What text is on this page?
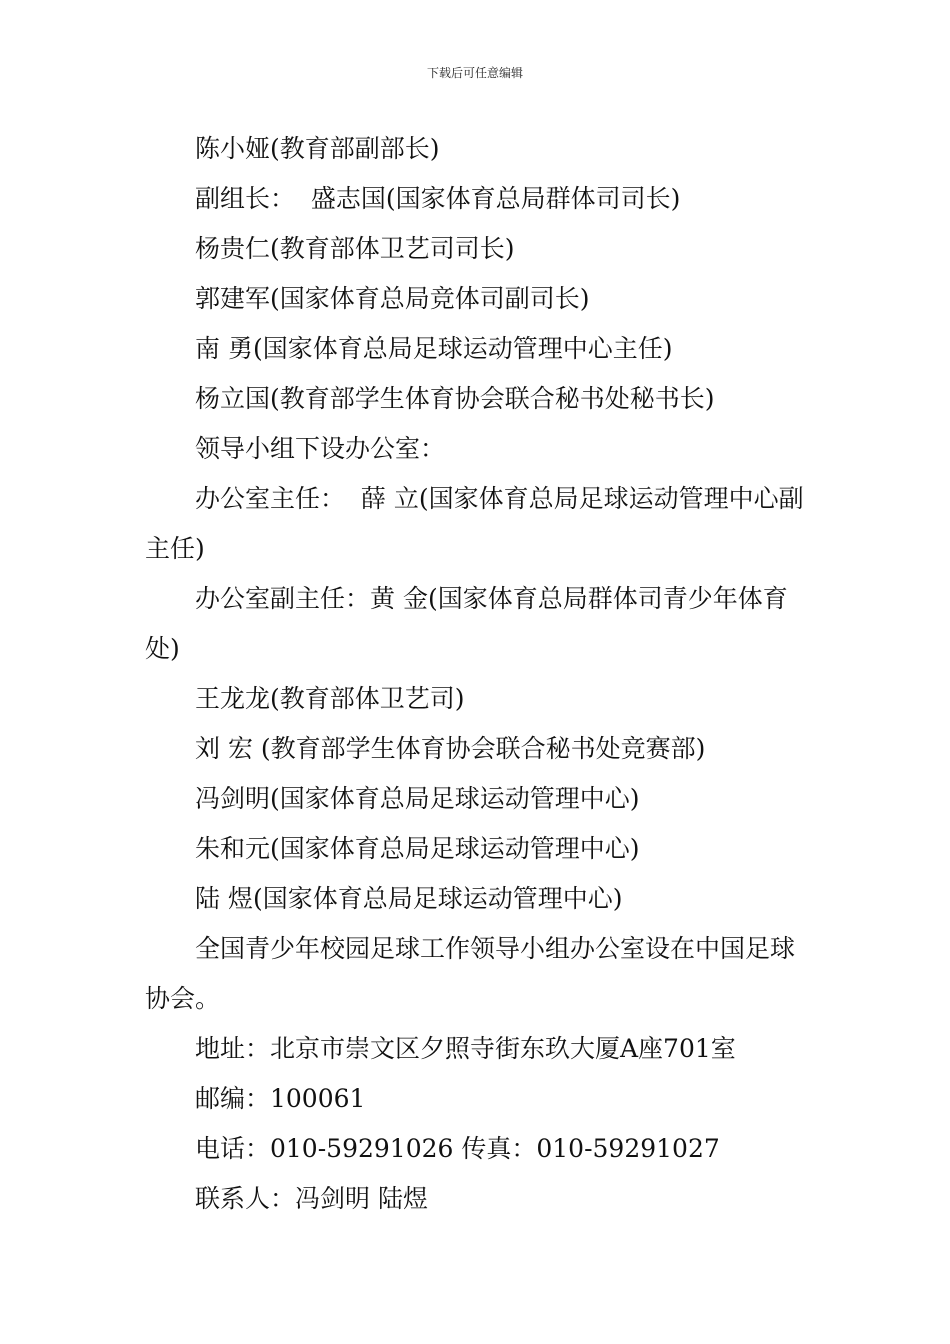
下载后可任意编辑

陈小娅(教育部副部长)

副组长：  盛志国(国家体育总局群体司司长)

杨贵仁(教育部体卫艺司司长)

郭建军(国家体育总局竞体司副司长)

南 勇(国家体育总局足球运动管理中心主任)

杨立国(教育部学生体育协会联合秘书处秘书长)

领导小组下设办公室：

办公室主任：  薛 立(国家体育总局足球运动管理中心副主任)

办公室副主任：黄 金(国家体育总局群体司青少年体育处)

王龙龙(教育部体卫艺司)

刘 宏 (教育部学生体育协会联合秘书处竞赛部)

冯剑明(国家体育总局足球运动管理中心)

朱和元(国家体育总局足球运动管理中心)

陆 煜(国家体育总局足球运动管理中心)

全国青少年校园足球工作领导小组办公室设在中国足球协会。

地址：北京市崇文区夕照寺街东玖大厦A座701室

邮编：100061

电话：010-59291026 传真：010-59291027

联系人：冯剑明 陆煜
